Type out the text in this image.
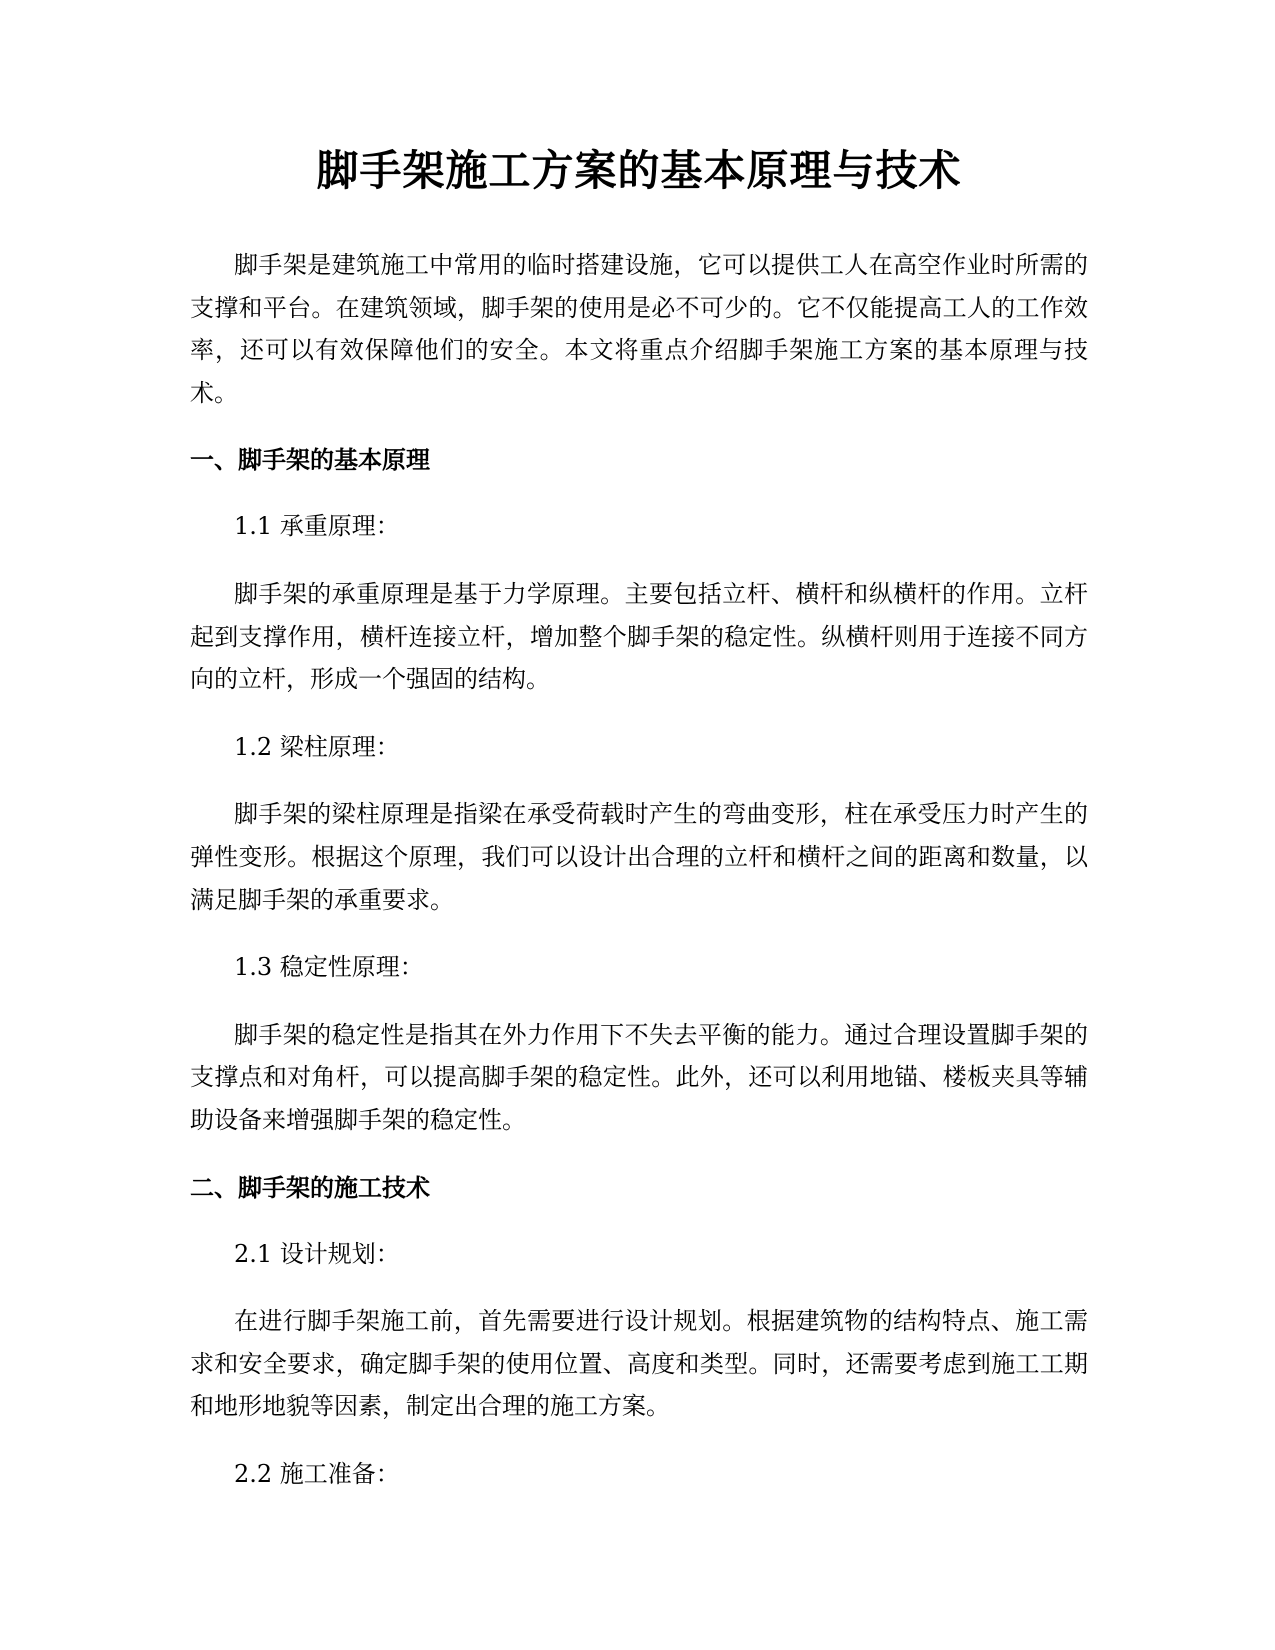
脚手架施工方案的基本原理与技术

脚手架是建筑施工中常用的临时搭建设施，它可以提供工人在高空作业时所需的支撑和平台。在建筑领域，脚手架的使用是必不可少的。它不仅能提高工人的工作效率，还可以有效保障他们的安全。本文将重点介绍脚手架施工方案的基本原理与技术。

一、脚手架的基本原理

1.1 承重原理：

脚手架的承重原理是基于力学原理。主要包括立杆、横杆和纵横杆的作用。立杆起到支撑作用，横杆连接立杆，增加整个脚手架的稳定性。纵横杆则用于连接不同方向的立杆，形成一个强固的结构。

1.2 梁柱原理：

脚手架的梁柱原理是指梁在承受荷载时产生的弯曲变形，柱在承受压力时产生的弹性变形。根据这个原理，我们可以设计出合理的立杆和横杆之间的距离和数量，以满足脚手架的承重要求。

1.3 稳定性原理：

脚手架的稳定性是指其在外力作用下不失去平衡的能力。通过合理设置脚手架的支撑点和对角杆，可以提高脚手架的稳定性。此外，还可以利用地锚、楼板夹具等辅助设备来增强脚手架的稳定性。

二、脚手架的施工技术

2.1 设计规划：

在进行脚手架施工前，首先需要进行设计规划。根据建筑物的结构特点、施工需求和安全要求，确定脚手架的使用位置、高度和类型。同时，还需要考虑到施工工期和地形地貌等因素，制定出合理的施工方案。

2.2 施工准备：
